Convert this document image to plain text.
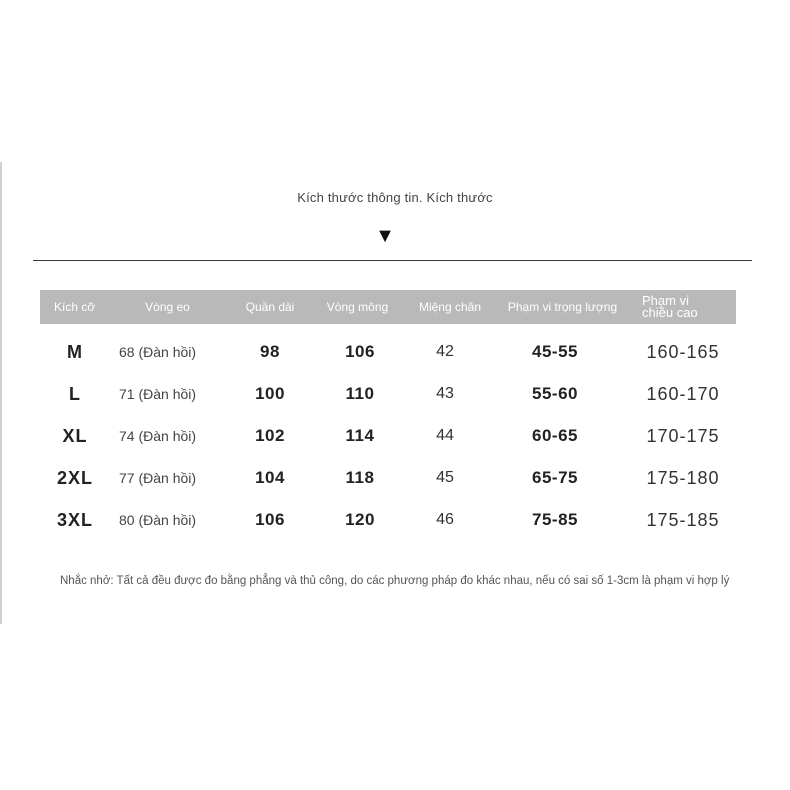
Kích thước thông tin. Kích thước
▼
Kích cỡ	Vòng eo	Quần dài	Vòng mông	Miệng chân	Phạm vi trọng lượng	Phạm vi chiều cao
M	68 (Đàn hồi)	98	106	42	45-55	160-165
L	71 (Đàn hồi)	100	110	43	55-60	160-170
XL	74 (Đàn hồi)	102	114	44	60-65	170-175
2XL	77 (Đàn hồi)	104	118	45	65-75	175-180
3XL	80 (Đàn hồi)	106	120	46	75-85	175-185
Nhắc nhở: Tất cả đều được đo bằng phẳng và thủ công, do các phương pháp đo khác nhau, nếu có sai số 1-3cm là phạm vi hợp lý
